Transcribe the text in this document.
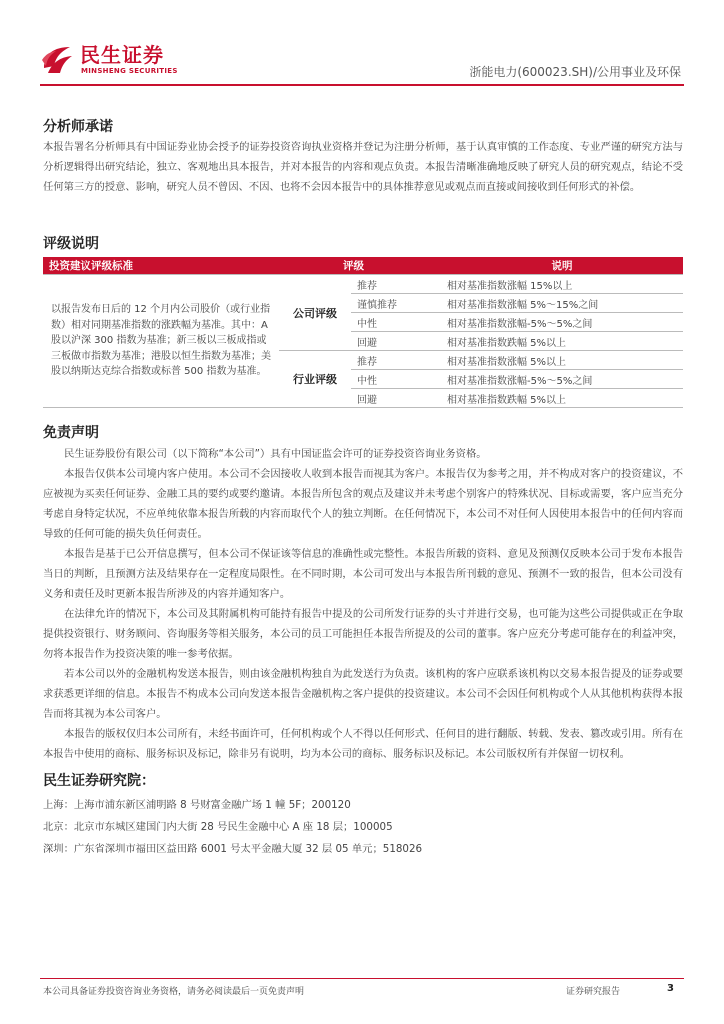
民生证券
MINSHENG SECURITIES	浙能电力(600023.SH)/公用事业及环保
分析师承诺

本报告署名分析师具有中国证券业协会授予的证券投资咨询执业资格并登记为注册分析师，基于认真审慎的工作态度、专业严谨的研究方法与分析逻辑得出研究结论，独立、客观地出具本报告，并对本报告的内容和观点负责。本报告清晰准确地反映了研究人员的研究观点，结论不受任何第三方的授意、影响，研究人员不曾因、不因、也将不会因本报告中的具体推荐意见或观点而直接或间接收到任何形式的补偿。

评级说明
投资建议评级标准	评级		说明
以报告发布日后的 12 个月内公司股价（或行业指数）相对同期基准指数的涨跌幅为基准。其中：A 股以沪深 300 指数为基准；新三板以三板成指或三板做市指数为基准；港股以恒生指数为基准；美股以纳斯达克综合指数或标普 500 指数为基准。	公司评级	推荐	相对基准指数涨幅 15%以上
		谨慎推荐	相对基准指数涨幅 5%～15%之间
		中性	相对基准指数涨幅-5%～5%之间
		回避	相对基准指数跌幅 5%以上
	行业评级	推荐	相对基准指数涨幅 5%以上
		中性	相对基准指数涨幅-5%～5%之间
		回避	相对基准指数跌幅 5%以上
免责声明

民生证券股份有限公司（以下简称“本公司”）具有中国证监会许可的证券投资咨询业务资格。

本报告仅供本公司境内客户使用。本公司不会因接收人收到本报告而视其为客户。本报告仅为参考之用，并不构成对客户的投资建议，不应被视为买卖任何证券、金融工具的要约或要约邀请。本报告所包含的观点及建议并未考虑个别客户的特殊状况、目标或需要，客户应当充分考虑自身特定状况，不应单纯依靠本报告所载的内容而取代个人的独立判断。在任何情况下，本公司不对任何人因使用本报告中的任何内容而导致的任何可能的损失负任何责任。

本报告是基于已公开信息撰写，但本公司不保证该等信息的准确性或完整性。本报告所载的资料、意见及预测仅反映本公司于发布本报告当日的判断，且预测方法及结果存在一定程度局限性。在不同时期，本公司可发出与本报告所刊载的意见、预测不一致的报告，但本公司没有义务和责任及时更新本报告所涉及的内容并通知客户。

在法律允许的情况下，本公司及其附属机构可能持有报告中提及的公司所发行证券的头寸并进行交易，也可能为这些公司提供或正在争取提供投资银行、财务顾问、咨询服务等相关服务，本公司的员工可能担任本报告所提及的公司的董事。客户应充分考虑可能存在的利益冲突，勿将本报告作为投资决策的唯一参考依据。

若本公司以外的金融机构发送本报告，则由该金融机构独自为此发送行为负责。该机构的客户应联系该机构以交易本报告提及的证券或要求获悉更详细的信息。本报告不构成本公司向发送本报告金融机构之客户提供的投资建议。本公司不会因任何机构或个人从其他机构获得本报告而将其视为本公司客户。

本报告的版权仅归本公司所有，未经书面许可，任何机构或个人不得以任何形式、任何目的进行翻版、转载、发表、篡改或引用。所有在本报告中使用的商标、服务标识及标记，除非另有说明，均为本公司的商标、服务标识及标记。本公司版权所有并保留一切权利。

民生证券研究院：
上海：上海市浦东新区浦明路 8 号财富金融广场 1 幢 5F；200120
北京：北京市东城区建国门内大街 28 号民生金融中心 A 座 18 层；100005
深圳：广东省深圳市福田区益田路 6001 号太平金融大厦 32 层 05 单元；518026
本公司具备证券投资咨询业务资格，请务必阅读最后一页免责声明	证券研究报告	3
